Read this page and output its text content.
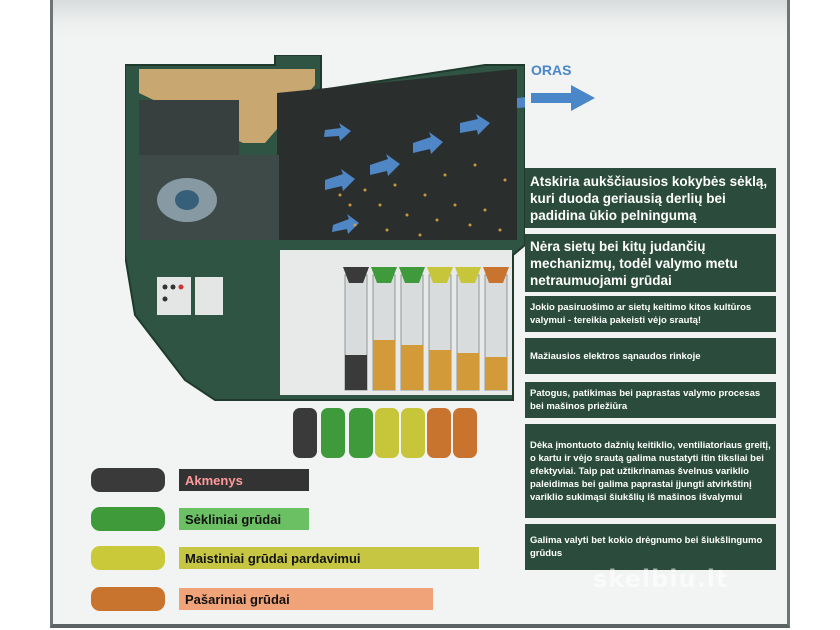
ORAS
Atskiria aukščiausios kokybės sėklą, kuri duoda geriausią derlių bei padidina ūkio pelningumą
Nėra sietų bei kitų judančių mechanizmų, todėl valymo metu netraumuojami grūdai
Jokio pasiruošimo ar sietų keitimo kitos kultūros valymui - tereikia pakeisti vėjo srautą!
Mažiausios elektros sąnaudos rinkoje
Patogus, patikimas bei paprastas valymo procesas bei mašinos priežiūra
Dėka įmontuoto dažnių keitiklio, ventiliatoriaus greitį, o kartu ir vėjo srautą galima nustatyti itin tiksliai bei efektyviai. Taip pat užtikrinamas švelnus variklio paleidimas bei galima paprastai įjungti atvirkštinį variklio sukimąsi šiukšlių iš mašinos išvalymui
Galima valyti bet kokio drėgnumo bei šiukšlingumo grūdus
Akmenys
Sėkliniai grūdai
Maistiniai grūdai pardavimui
Pašariniai grūdai
skelbiu.lt
